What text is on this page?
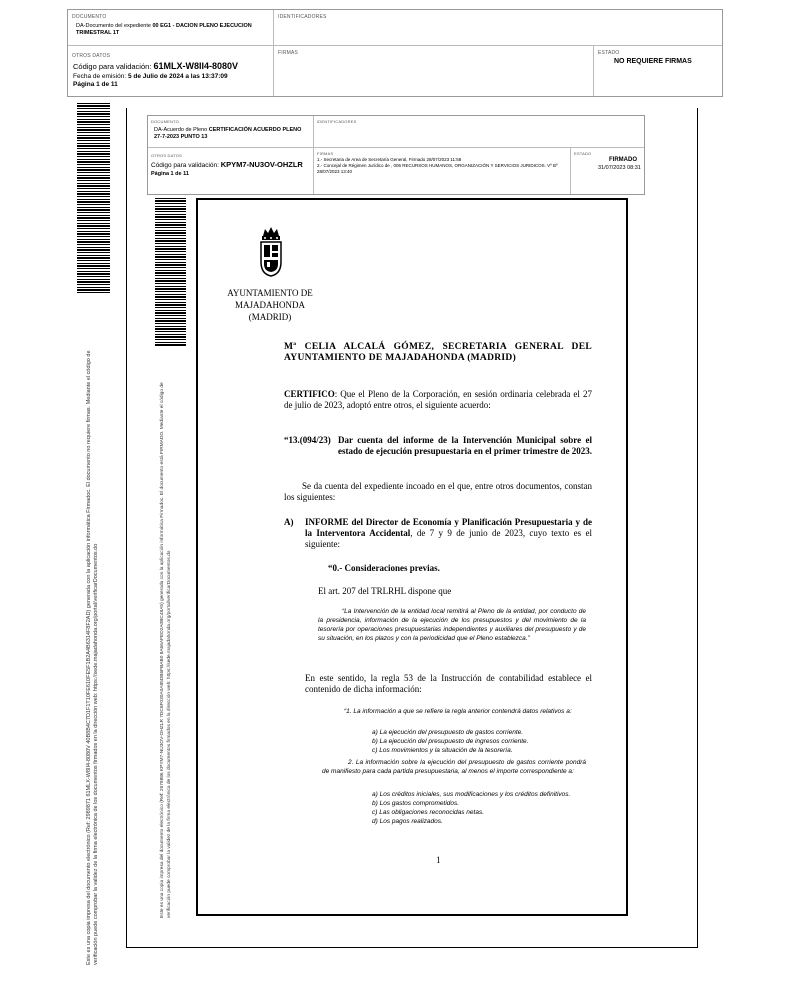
DOCUMENTO
DA-Documento del expediente 00 EG1 - DACION PLENO EJECUCION TRIMESTRAL 1T
IDENTIFICADORES
OTROS DATOS
Código para validación: 61MLX-W8II4-8080V
Fecha de emisión: 5 de Julio de 2024 a las 13:37:09
Página 1 de 11
FIRMAS	ESTADO
NO REQUIERE FIRMAS
Este es una copia impresa del documento electrónico (Ref: 2989871 61MLX-W8II4-8080V 40B8B4C7D1F1T10FE610FE5F1B2A4B6314F8F2AD) generada con la aplicación informática Firmadoc. El documento no requiere firmas. Mediante el código de verificación puede comprobar la validez de la firma electrónica de los documentos firmados en la dirección web: https://sede.majadahonda.org/portal/verificarDocumentos.do
DOCUMENTO
DA-Acuerdo de Pleno CERTIFICACIÓN ACUERDO PLENO 27-7-2023 PUNTO 13
IDENTIFICADORES
OTROS DATOS
Código para validación: KPYM7-NU3OV-OHZLR
Página 1 de 11
FIRMAS
1.- Secretaria de Area de Secretaría General, Firmado 28/07/2023 11:58
2.- Concejal de Régimen Jurídico de , 006 RECURSOS HUMANOS, ORGANIZACIÓN Y SERVICIOS JURIDICOS. Vº Bº 28/07/2023 13:40
ESTADO
FIRMADO
31/07/2023 08:31
Este es una copia impresa del documento electrónico (Ref: 2679886 KPYM7-NU3OV-OHZLR 7DC6F030A0A85DB6FBAB0 8A66AFED2A0BC48A5) generada con la aplicación informática Firmadoc. El documento está FIRMADO. Mediante el código de verificación puede comprobar la validez de la firma electrónica de los documentos firmados en la dirección web: https://sede.majadahonda.org/portal/verificarDocumentos.do
AYUNTAMIENTO DE
MAJADAHONDA
(MADRID)
Mª CELIA ALCALÁ GÓMEZ, SECRETARIA GENERAL DEL AYUNTAMIENTO DE MAJADAHONDA (MADRID)
CERTIFICO: Que el Pleno de la Corporación, en sesión ordinaria celebrada el 27 de julio de 2023, adoptó entre otros, el siguiente acuerdo:
“13.(094/23) Dar cuenta del informe de la Intervención Municipal sobre el estado de ejecución presupuestaria en el primer trimestre de 2023.
Se da cuenta del expediente incoado en el que, entre otros documentos, constan los siguientes:
A) INFORME del Director de Economía y Planificación Presupuestaria y de la Interventora Accidental, de 7 y 9 de junio de 2023, cuyo texto es el siguiente:
“0.- Consideraciones previas.
El art. 207 del TRLRHL dispone que
“La Intervención de la entidad local remitirá al Pleno de la entidad, por conducto de la presidencia, información de la ejecución de los presupuestos y del movimiento de la tesorería por operaciones presupuestarias independientes y auxiliares del presupuesto y de su situación, en los plazos y con la periodicidad que el Pleno establezca.”
En este sentido, la regla 53 de la Instrucción de contabilidad establece el contenido de dicha información:
“1. La información a que se refiere la regla anterior contendrá datos relativos a:
a) La ejecución del presupuesto de gastos corriente.
b) La ejecución del presupuesto de ingresos corriente.
c) Los movimientos y la situación de la tesorería.
2. La información sobre la ejecución del presupuesto de gastos corriente pondrá de manifiesto para cada partida presupuestaria, al menos el importe correspondiente a:
a) Los créditos iniciales, sus modificaciones y los créditos definitivos.
b) Los gastos comprometidos.
c) Las obligaciones reconocidas netas.
d) Los pagos realizados.
1
